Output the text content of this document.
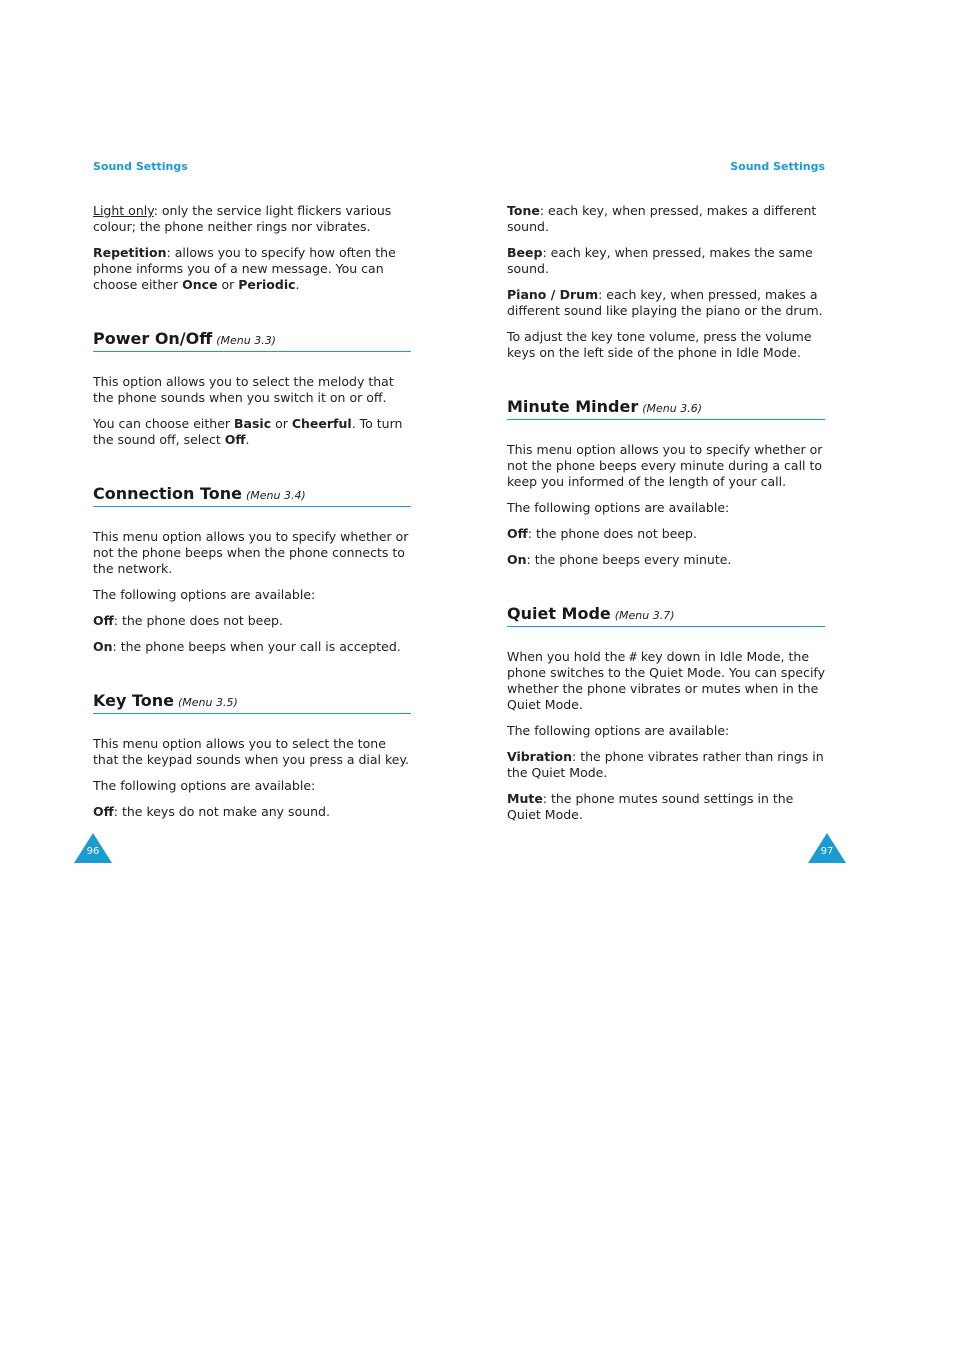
Sound Settings	Sound Settings

Light only: only the service light flickers various colour; the phone neither rings nor vibrates.

Repetition: allows you to specify how often the phone informs you of a new message. You can choose either Once or Periodic.

Power On/Off (Menu 3.3)

This option allows you to select the melody that the phone sounds when you switch it on or off.

You can choose either Basic or Cheerful. To turn the sound off, select Off.

Connection Tone (Menu 3.4)

This menu option allows you to specify whether or not the phone beeps when the phone connects to the network.

The following options are available:

Off: the phone does not beep.

On: the phone beeps when your call is accepted.

Key Tone (Menu 3.5)

This menu option allows you to select the tone that the keypad sounds when you press a dial key.

The following options are available:

Off: the keys do not make any sound.

Tone: each key, when pressed, makes a different sound.

Beep: each key, when pressed, makes the same sound.

Piano / Drum: each key, when pressed, makes a different sound like playing the piano or the drum.

To adjust the key tone volume, press the volume keys on the left side of the phone in Idle Mode.

Minute Minder (Menu 3.6)

This menu option allows you to specify whether or not the phone beeps every minute during a call to keep you informed of the length of your call.

The following options are available:

Off: the phone does not beep.

On: the phone beeps every minute.

Quiet Mode (Menu 3.7)

When you hold the # key down in Idle Mode, the phone switches to the Quiet Mode. You can specify whether the phone vibrates or mutes when in the Quiet Mode.

The following options are available:

Vibration: the phone vibrates rather than rings in the Quiet Mode.

Mute: the phone mutes sound settings in the Quiet Mode.

96	97
